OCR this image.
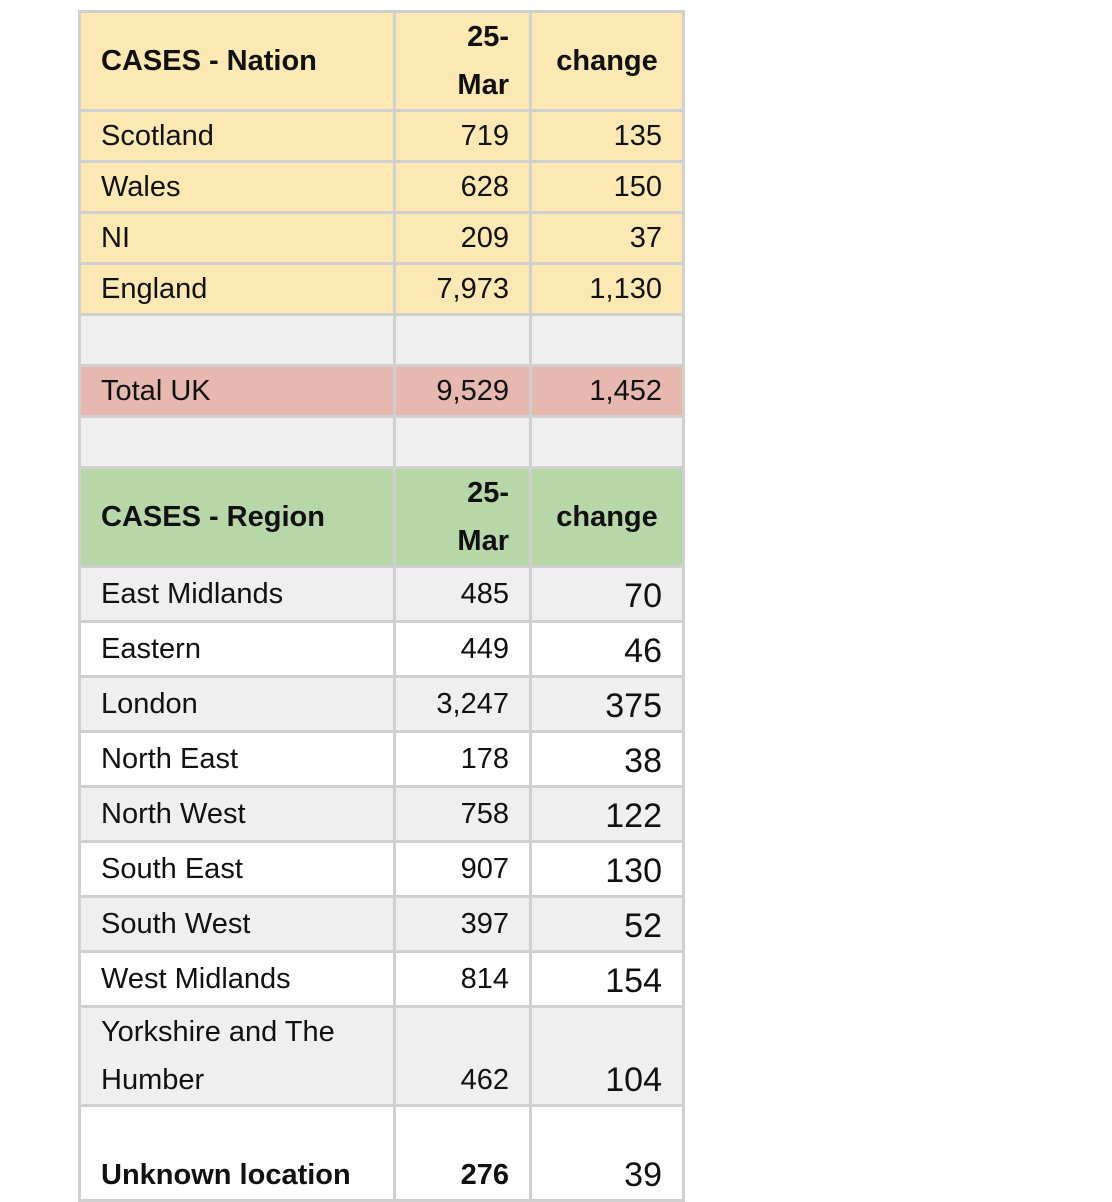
CASES - Nation	25-Mar	change
Scotland	719	135
Wales	628	150
NI	209	37
England	7,973	1,130

Total UK	9,529	1,452

CASES - Region	25-Mar	change
East Midlands	485	70
Eastern	449	46
London	3,247	375
North East	178	38
North West	758	122
South East	907	130
South West	397	52
West Midlands	814	154
Yorkshire and The Humber	462	104
Unknown location	276	39
